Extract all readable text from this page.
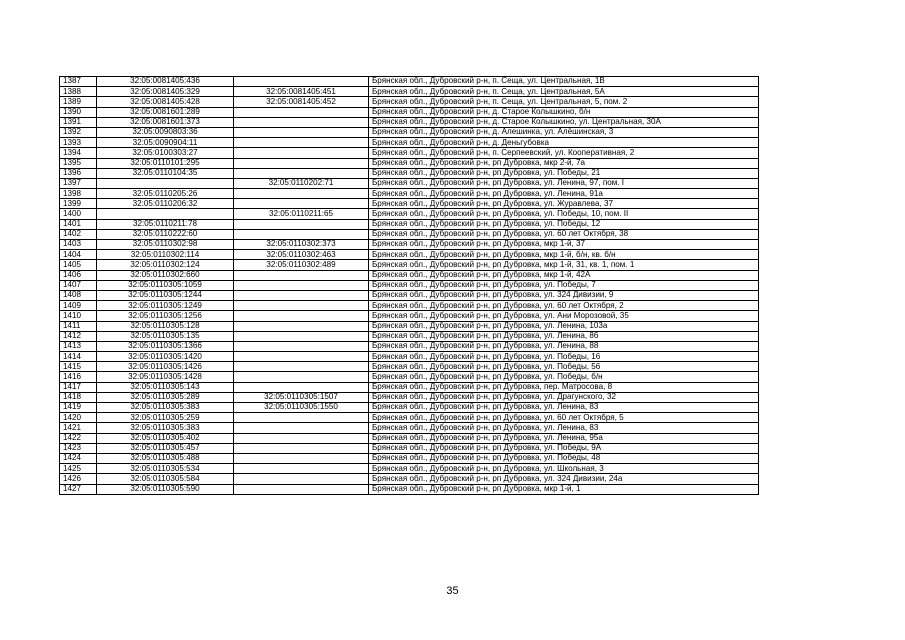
1387	32:05:0081405:436		Брянская обл., Дубровский р-н, п. Сеща, ул. Центральная, 1В
1388	32:05:0081405:329	32:05:0081405:451	Брянская обл., Дубровский р-н, п. Сеща, ул. Центральная, 5А
1389	32:05:0081405:428	32:05:0081405:452	Брянская обл., Дубровский р-н, п. Сеща, ул. Центральная, 5, пом. 2
1390	32:05:0081601:289		Брянская обл., Дубровский р-н, д. Старое Колышкино, б/н
1391	32:05:0081601:373		Брянская обл., Дубровский р-н, д. Старое Колышкино, ул. Центральная, 30А
1392	32:05:0090803:36		Брянская обл., Дубровский р-н, д. Алешинка, ул. Алёшинская, 3
1393	32:05:0090904:11		Брянская обл., Дубровский р-н, д. Деньгубовка
1394	32:05:0100303:27		Брянская обл., Дубровский р-н, п. Серпеевский, ул. Кооперативная, 2
1395	32:05:0110101:295		Брянская обл., Дубровский р-н, рп Дубровка, мкр 2-й, 7а
1396	32:05:0110104:35		Брянская обл., Дубровский р-н, рп Дубровка, ул. Победы, 21
1397		32:05:0110202:71	Брянская обл., Дубровский р-н, рп Дубровка, ул. Ленина, 97, пом. I
1398	32:05:0110205:26		Брянская обл., Дубровский р-н, рп Дубровка, ул. Ленина, 91а
1399	32:05:0110206:32		Брянская обл., Дубровский р-н, рп Дубровка, ул. Журавлева, 37
1400		32:05:0110211:65	Брянская обл., Дубровский р-н, рп Дубровка, ул. Победы, 10, пом. II
1401	32:05:0110211:78		Брянская обл., Дубровский р-н, рп Дубровка, ул. Победы, 12
1402	32:05:0110222:60		Брянская обл., Дубровский р-н, рп Дубровка, ул. 60 лет Октября, 38
1403	32:05:0110302:98	32:05:0110302:373	Брянская обл., Дубровский р-н, рп Дубровка, мкр 1-й, 37
1404	32:05:0110302:114	32:05:0110302:463	Брянская обл., Дубровский р-н, рп Дубровка, мкр 1-й, б/н, кв. б/н
1405	32:05:0110302:124	32:05:0110302:489	Брянская обл., Дубровский р-н, рп Дубровка, мкр 1-й, 31, кв. 1, пом. 1
1406	32:05:0110302:660		Брянская обл., Дубровский р-н, рп Дубровка, мкр 1-й, 42А
1407	32:05:0110305:1059		Брянская обл., Дубровский р-н, рп Дубровка, ул. Победы, 7
1408	32:05:0110305:1244		Брянская обл., Дубровский р-н, рп Дубровка, ул. 324 Дивизии, 9
1409	32:05:0110305:1249		Брянская обл., Дубровский р-н, рп Дубровка, ул. 60 лет Октября, 2
1410	32:05:0110305:1256		Брянская обл., Дубровский р-н, рп Дубровка, ул. Ани Морозовой, 35
1411	32:05:0110305:128		Брянская обл., Дубровский р-н, рп Дубровка, ул. Ленина, 103а
1412	32:05:0110305:135		Брянская обл., Дубровский р-н, рп Дубровка, ул. Ленина, 86
1413	32:05:0110305:1366		Брянская обл., Дубровский р-н, рп Дубровка, ул. Ленина, 88
1414	32:05:0110305:1420		Брянская обл., Дубровский р-н, рп Дубровка, ул. Победы, 16
1415	32:05:0110305:1426		Брянская обл., Дубровский р-н, рп Дубровка, ул. Победы, 56
1416	32:05:0110305:1428		Брянская обл., Дубровский р-н, рп Дубровка, ул. Победы, б/н
1417	32:05:0110305:143		Брянская обл., Дубровский р-н, рп Дубровка, пер. Матросова, 8
1418	32:05:0110305:289	32:05:0110305:1507	Брянская обл., Дубровский р-н, рп Дубровка, ул. Драгунского, 32
1419	32:05:0110305:383	32:05:0110305:1550	Брянская обл., Дубровский р-н, рп Дубровка, ул. Ленина, 83
1420	32:05:0110305:259		Брянская обл., Дубровский р-н, рп Дубровка, ул. 60 лет Октября, 5
1421	32:05:0110305:383		Брянская обл., Дубровский р-н, рп Дубровка, ул. Ленина, 83
1422	32:05:0110305:402		Брянская обл., Дубровский р-н, рп Дубровка, ул. Ленина, 95а
1423	32:05:0110305:457		Брянская обл., Дубровский р-н, рп Дубровка, ул. Победы, 9А
1424	32:05:0110305:488		Брянская обл., Дубровский р-н, рп Дубровка, ул. Победы, 48
1425	32:05:0110305:534		Брянская обл., Дубровский р-н, рп Дубровка, ул. Школьная, 3
1426	32:05:0110305:584		Брянская обл., Дубровский р-н, рп Дубровка, ул. 324 Дивизии, 24а
1427	32:05:0110305:590		Брянская обл., Дубровский р-н, рп Дубровка, мкр 1-й, 1
35
